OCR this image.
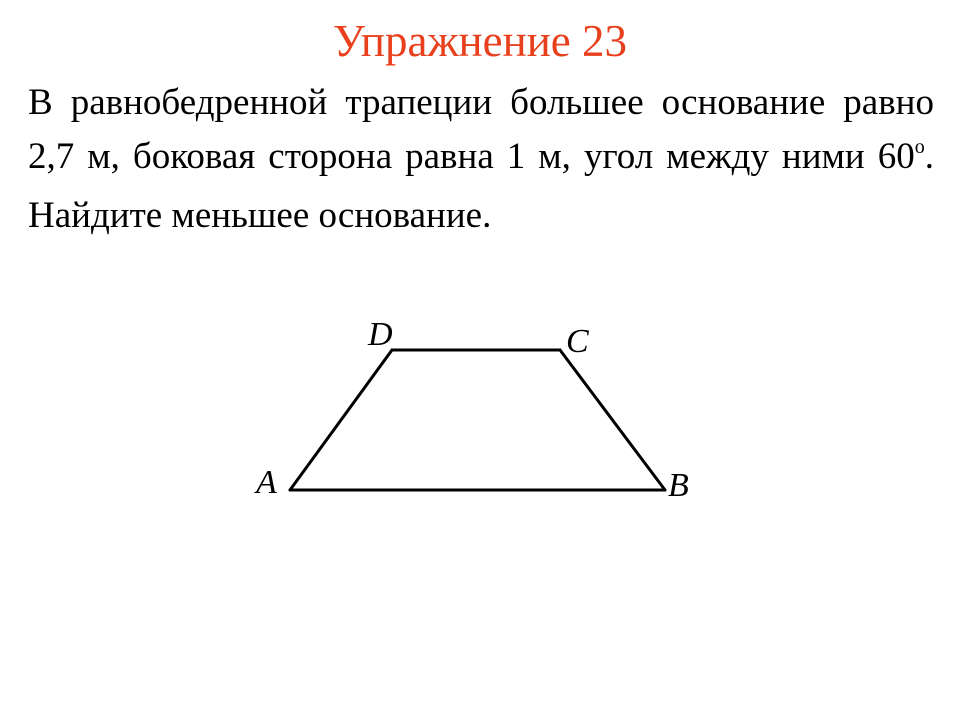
Упражнение 23

В равнобедренной трапеции большее основание равно 2,7 м, боковая сторона равна 1 м, угол между ними $60^о$. Найдите меньшее основание.

D	C
A	B
